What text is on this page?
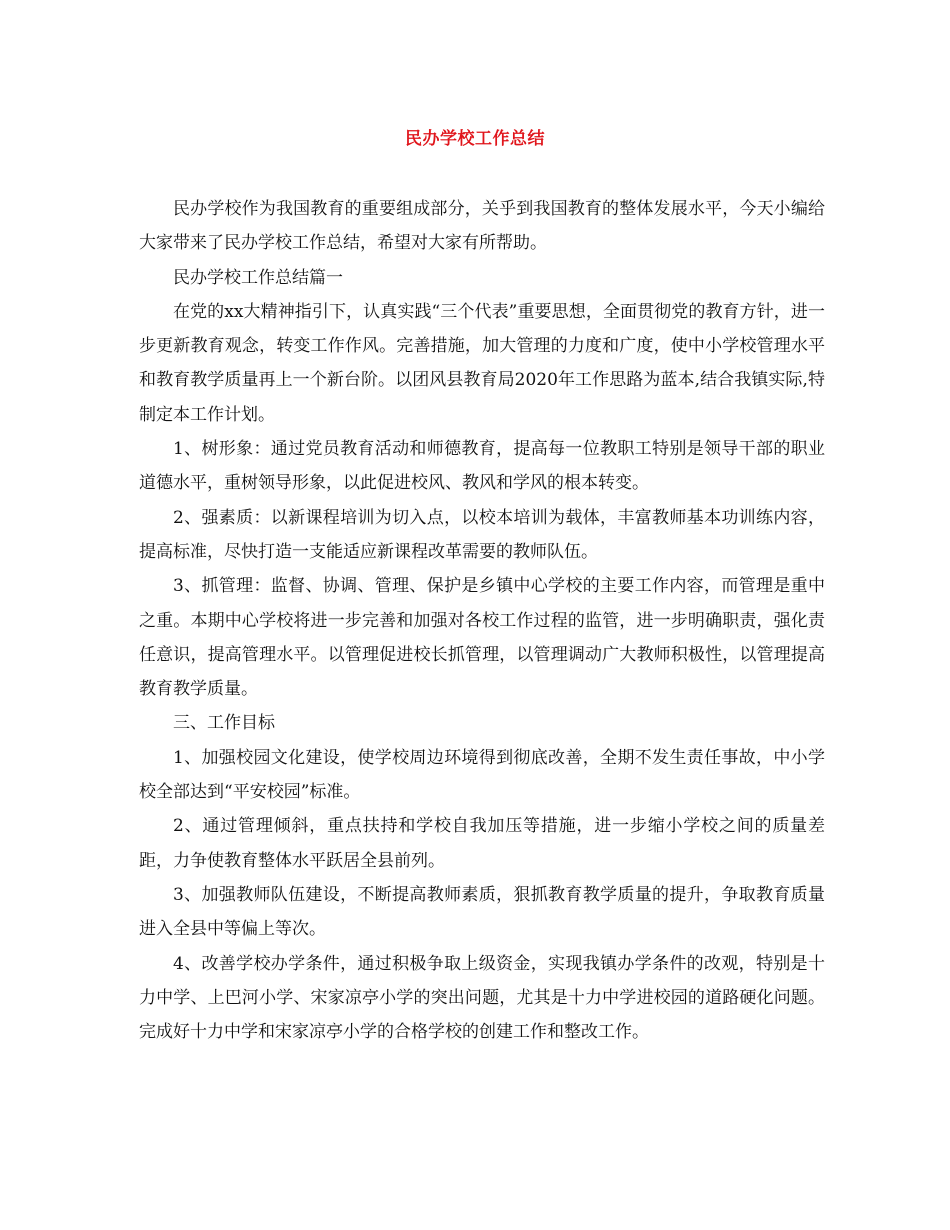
民办学校工作总结

民办学校作为我国教育的重要组成部分，关乎到我国教育的整体发展水平，今天小编给大家带来了民办学校工作总结，希望对大家有所帮助。

民办学校工作总结篇一

在党的xx大精神指引下，认真实践“三个代表”重要思想，全面贯彻党的教育方针，进一步更新教育观念，转变工作作风。完善措施，加大管理的力度和广度，使中小学校管理水平和教育教学质量再上一个新台阶。以团风县教育局2020年工作思路为蓝本,结合我镇实际,特制定本工作计划。

1、树形象：通过党员教育活动和师德教育，提高每一位教职工特别是领导干部的职业道德水平，重树领导形象，以此促进校风、教风和学风的根本转变。

2、强素质：以新课程培训为切入点，以校本培训为载体，丰富教师基本功训练内容，提高标准，尽快打造一支能适应新课程改革需要的教师队伍。

3、抓管理：监督、协调、管理、保护是乡镇中心学校的主要工作内容，而管理是重中之重。本期中心学校将进一步完善和加强对各校工作过程的监管，进一步明确职责，强化责任意识，提高管理水平。以管理促进校长抓管理，以管理调动广大教师积极性，以管理提高教育教学质量。

三、工作目标

1、加强校园文化建设，使学校周边环境得到彻底改善，全期不发生责任事故，中小学校全部达到“平安校园”标准。

2、通过管理倾斜，重点扶持和学校自我加压等措施，进一步缩小学校之间的质量差距，力争使教育整体水平跃居全县前列。

3、加强教师队伍建设，不断提高教师素质，狠抓教育教学质量的提升，争取教育质量进入全县中等偏上等次。

4、改善学校办学条件，通过积极争取上级资金，实现我镇办学条件的改观，特别是十力中学、上巴河小学、宋家凉亭小学的突出问题，尤其是十力中学进校园的道路硬化问题。完成好十力中学和宋家凉亭小学的合格学校的创建工作和整改工作。
